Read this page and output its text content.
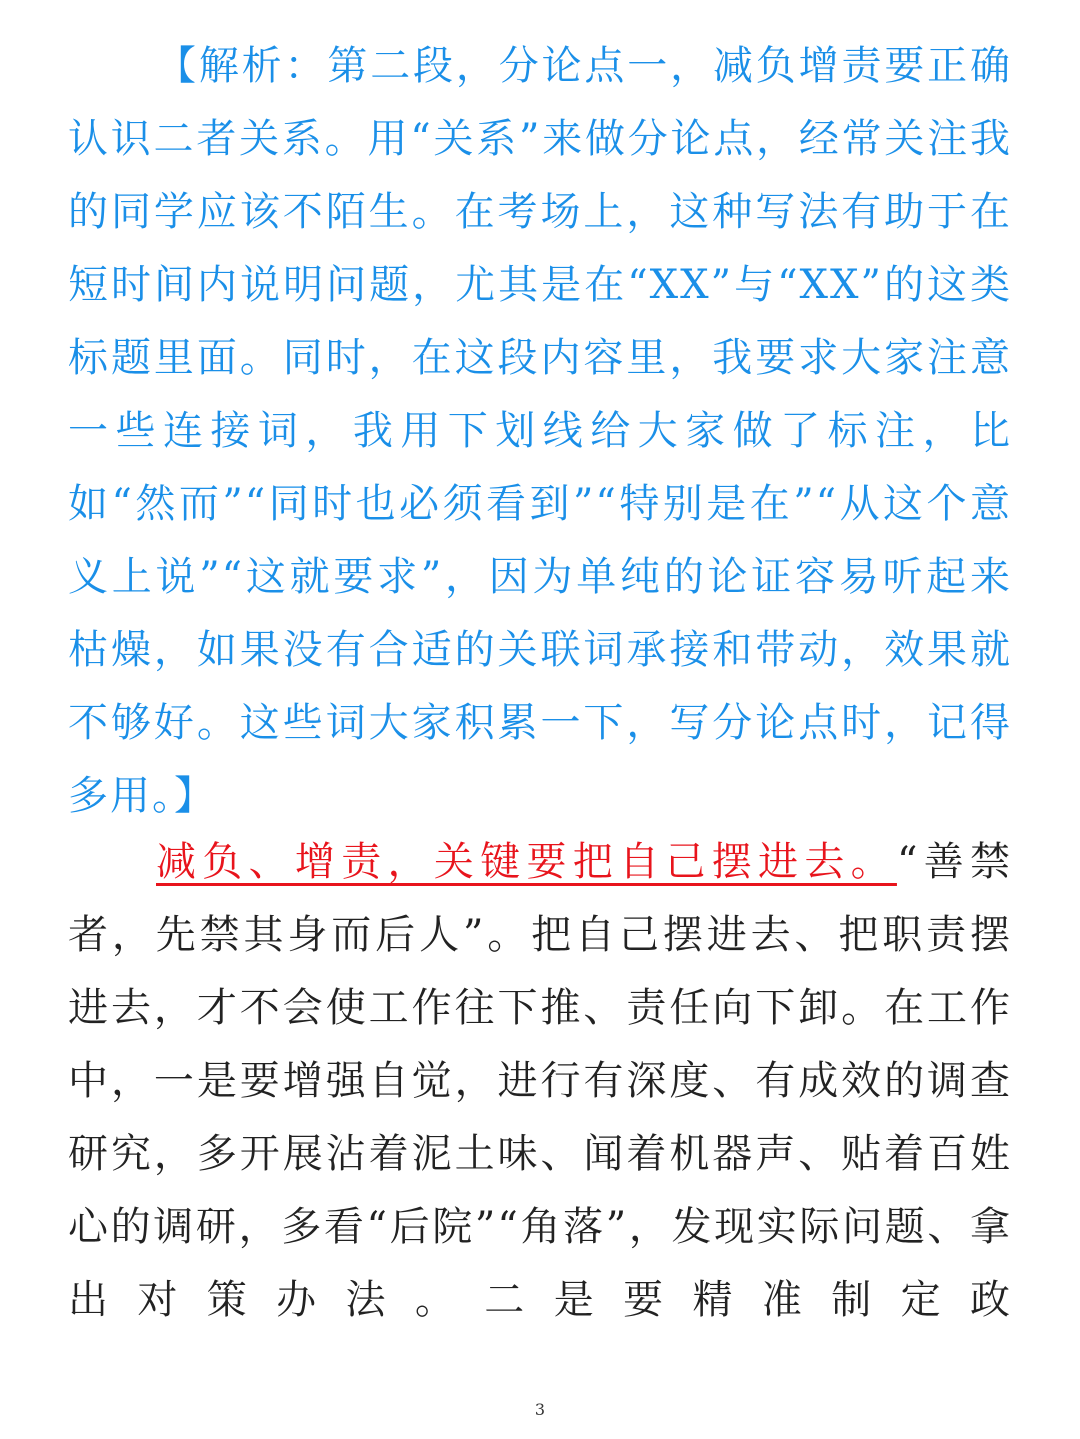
【解析：第二段，分论点一，减负增责要正确认识二者关系。用“关系”来做分论点，经常关注我的同学应该不陌生。在考场上，这种写法有助于在短时间内说明问题，尤其是在“XX”与“XX”的这类标题里面。同时，在这段内容里，我要求大家注意一些连接词，我用下划线给大家做了标注，比如“然而”“同时也必须看到”“特别是在”“从这个意义上说”“这就要求”，因为单纯的论证容易听起来枯燥，如果没有合适的关联词承接和带动，效果就不够好。这些词大家积累一下，写分论点时，记得多用。】

减负、增责，关键要把自己摆进去。“善禁者，先禁其身而后人”。把自己摆进去、把职责摆进去，才不会使工作往下推、责任向下卸。在工作中，一是要增强自觉，进行有深度、有成效的调查研究，多开展沾着泥土味、闻着机器声、贴着百姓心的调研，多看“后院”“角落”，发现实际问题、拿出对策办法。二是要精准制定政

3
